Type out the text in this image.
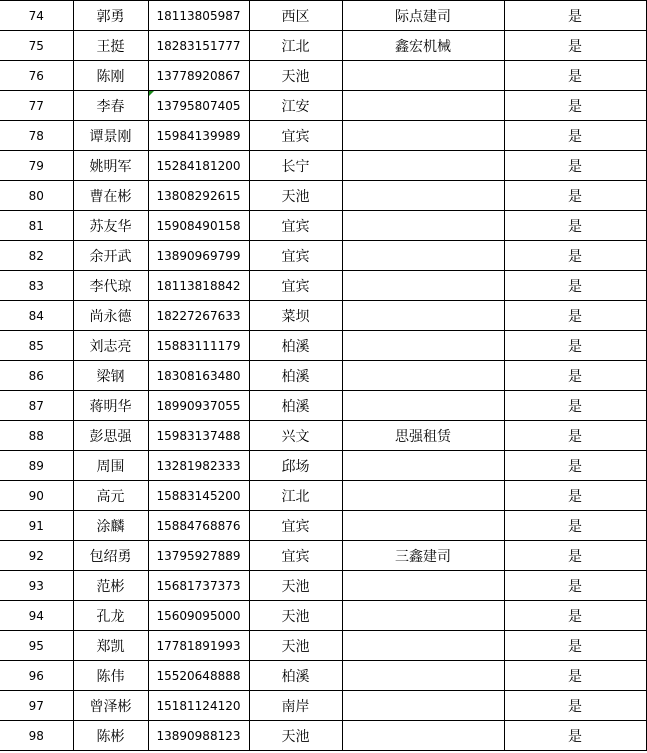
74	郭勇	18113805987	西区	际点建司	是
75	王挺	18283151777	江北	鑫宏机械	是
76	陈刚	13778920867	天池		是
77	李春	13795807405	江安		是
78	谭景刚	15984139989	宜宾		是
79	姚明军	15284181200	长宁		是
80	曹在彬	13808292615	天池		是
81	苏友华	15908490158	宜宾		是
82	余开武	13890969799	宜宾		是
83	李代琼	18113818842	宜宾		是
84	尚永德	18227267633	菜坝		是
85	刘志亮	15883111179	柏溪		是
86	梁钢	18308163480	柏溪		是
87	蒋明华	18990937055	柏溪		是
88	彭思强	15983137488	兴文	思强租赁	是
89	周围	13281982333	邱场		是
90	高元	15883145200	江北		是
91	涂麟	15884768876	宜宾		是
92	包绍勇	13795927889	宜宾	三鑫建司	是
93	范彬	15681737373	天池		是
94	孔龙	15609095000	天池		是
95	郑凯	17781891993	天池		是
96	陈伟	15520648888	柏溪		是
97	曾泽彬	15181124120	南岸		是
98	陈彬	13890988123	天池		是
